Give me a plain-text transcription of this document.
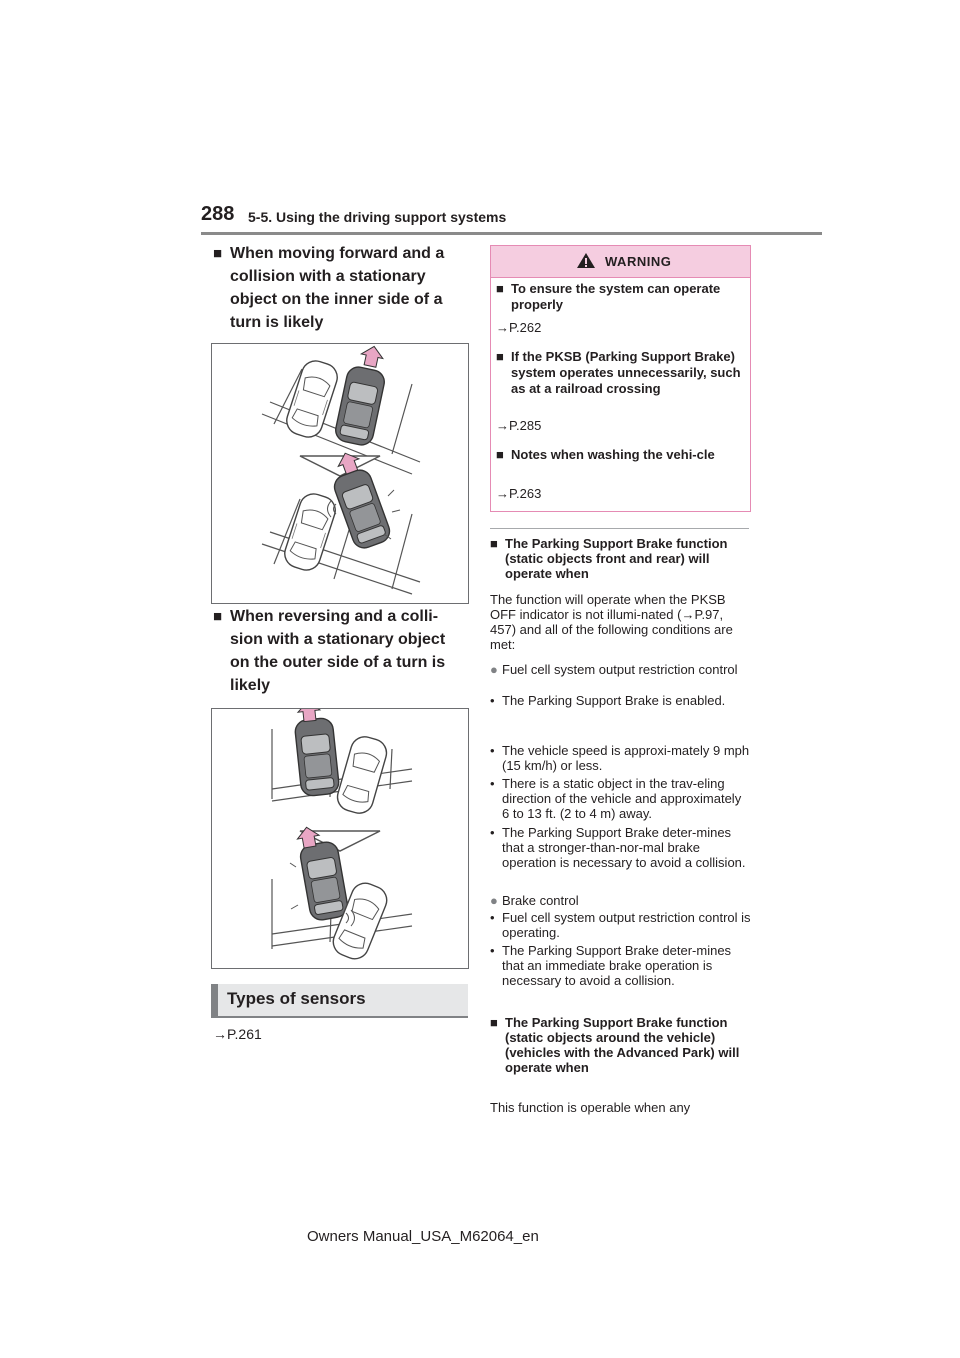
288 5-5. Using the driving support systems
■ When moving forward and a collision with a stationary object on the inner side of a turn is likely
■ When reversing and a colli-sion with a stationary object on the outer side of a turn is likely
Types of sensors
→P.261
WARNING
■ To ensure the system can operate properly
→P.262
■ If the PKSB (Parking Support Brake) system operates unnecessarily, such as at a railroad crossing
→P.285
■ Notes when washing the vehi-cle
→P.263
■ The Parking Support Brake function (static objects front and rear) will operate when
The function will operate when the PKSB OFF indicator is not illumi-nated (→P.97, 457) and all of the following conditions are met:
● Fuel cell system output restriction control
• The Parking Support Brake is enabled.
• The vehicle speed is approxi-mately 9 mph (15 km/h) or less.
• There is a static object in the trav-eling direction of the vehicle and approximately 6 to 13 ft. (2 to 4 m) away.
• The Parking Support Brake deter-mines that a stronger-than-nor-mal brake operation is necessary to avoid a collision.
● Brake control
• Fuel cell system output restriction control is operating.
• The Parking Support Brake deter-mines that an immediate brake operation is necessary to avoid a collision.
■ The Parking Support Brake function (static objects around the vehicle) (vehicles with the Advanced Park) will operate when
This function is operable when any
Owners Manual_USA_M62064_en
